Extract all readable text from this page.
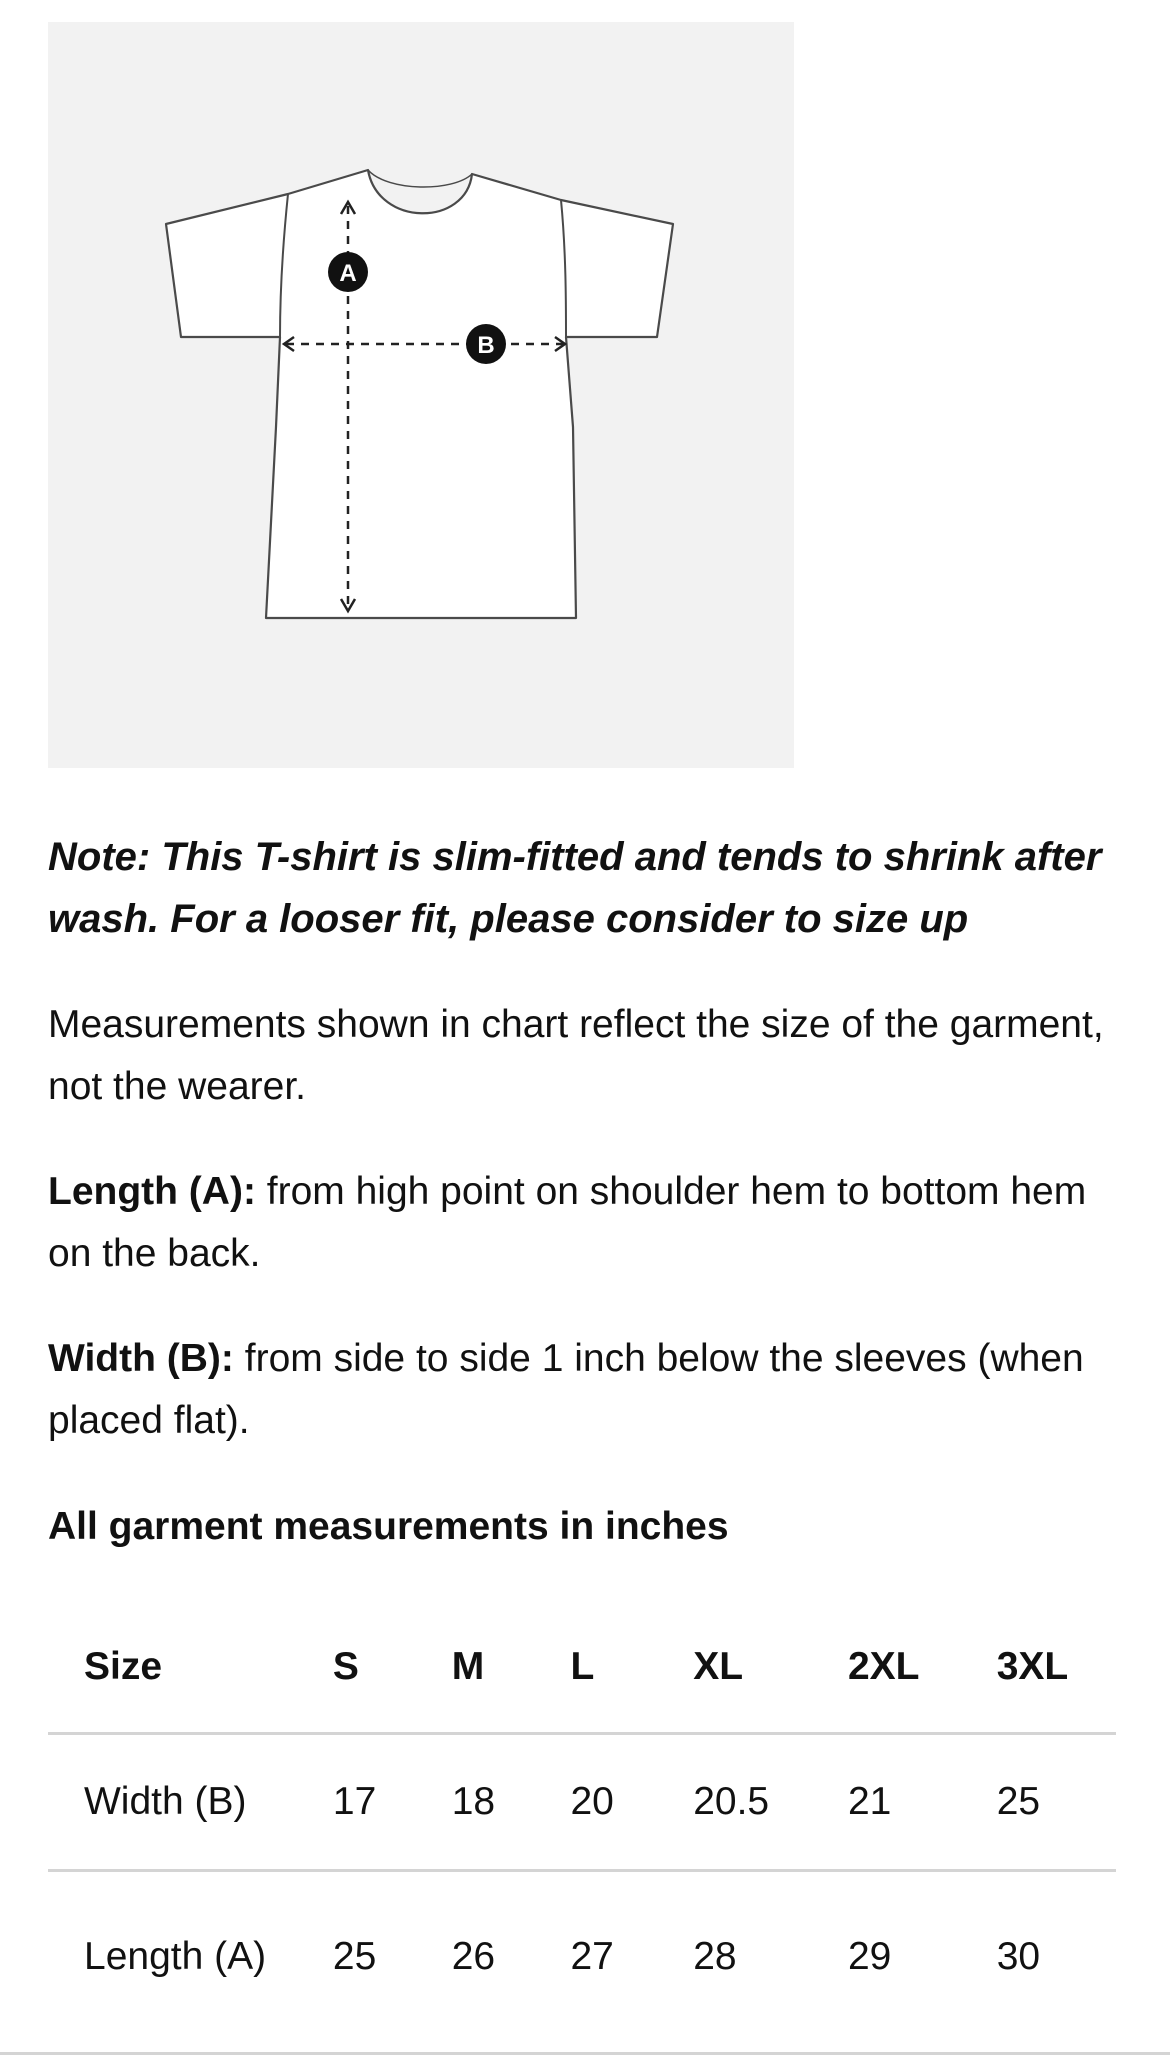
A
B

Note: This T-shirt is slim-fitted and tends to shrink after wash. For a looser fit, please consider to size up

Measurements shown in chart reflect the size of the garment, not the wearer.

Length (A): from high point on shoulder hem to bottom hem on the back.

Width (B): from side to side 1 inch below the sleeves (when placed flat).

All garment measurements in inches

Size	S	M	L	XL	2XL	3XL
Width (B)	17	18	20	20.5	21	25
Length (A)	25	26	27	28	29	30
